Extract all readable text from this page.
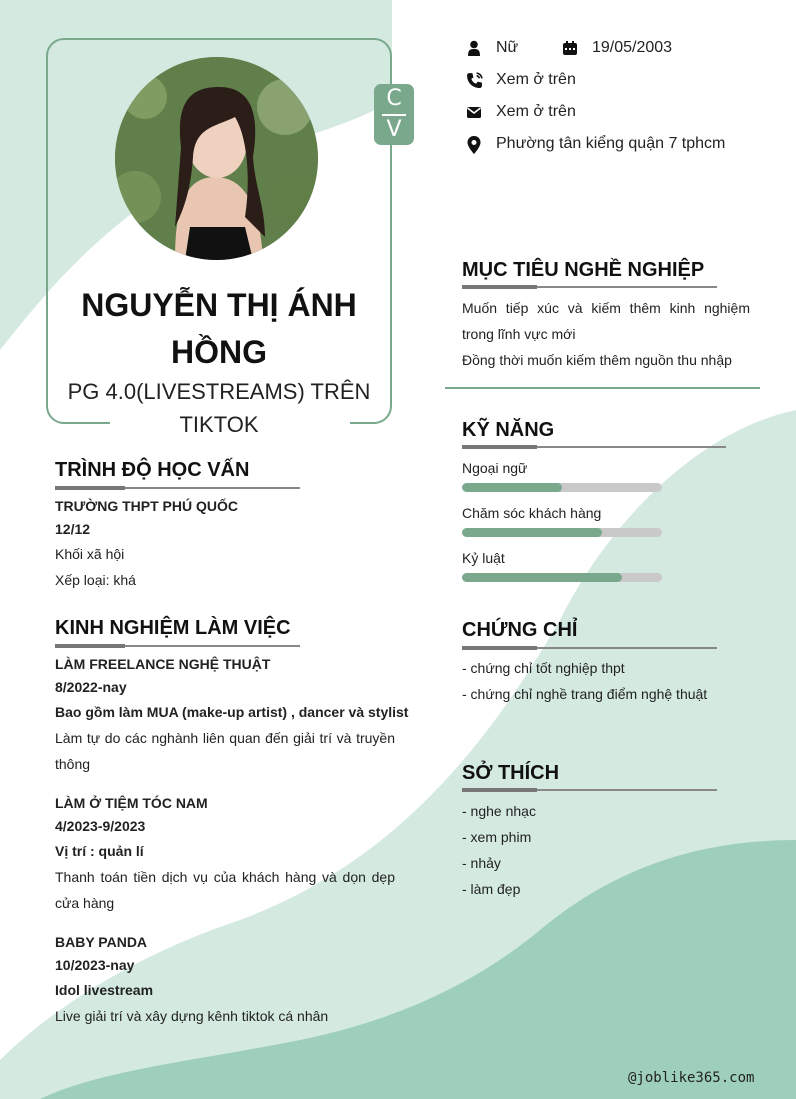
C
V
NGUYỄN THỊ ÁNH HỒNG
PG 4.0(LIVESTREAMS) TRÊN TIKTOK
Nữ	19/05/2003
Xem ở trên
Xem ở trên
Phường tân kiểng quận 7 tphcm
TRÌNH ĐỘ HỌC VẤN
TRƯỜNG THPT PHÚ QUỐC
12/12
Khối xã hội
Xếp loại: khá
KINH NGHIỆM LÀM VIỆC
LÀM FREELANCE NGHỆ THUẬT
8/2022-nay
Bao gồm làm MUA (make-up artist) , dancer và stylist
Làm tự do các nghành liên quan đến giải trí và truyền thông
LÀM Ở TIỆM TÓC NAM
4/2023-9/2023
Vị trí : quản lí
Thanh toán tiền dịch vụ của khách hàng và dọn dẹp cửa hàng
BABY PANDA
10/2023-nay
Idol livestream
Live giải trí và xây dựng kênh tiktok cá nhân
MỤC TIÊU NGHỀ NGHIỆP
Muốn tiếp xúc và kiếm thêm kinh nghiệm trong lĩnh vực mới
Đồng thời muốn kiếm thêm nguồn thu nhập
KỸ NĂNG
Ngoại ngữ
Chăm sóc khách hàng
Kỷ luật
CHỨNG CHỈ
- chứng chỉ tốt nghiệp thpt
- chứng chỉ nghề trang điểm nghệ thuật
SỞ THÍCH
- nghe nhạc
- xem phim
- nhảy
- làm đẹp
@joblike365.com
